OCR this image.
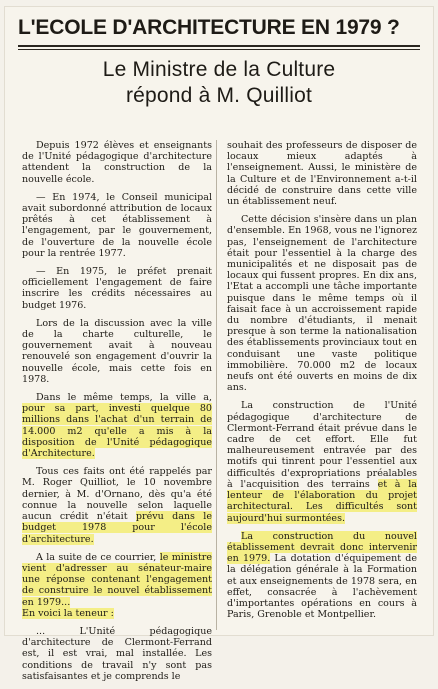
L'ECOLE D'ARCHITECTURE EN 1979 ?
Le Ministre de la Culture
répond à M. Quilliot

Depuis 1972 élèves et enseignants de l'Unité pédagogique d'architecture attendent la construction de la nouvelle école.

— En 1974, le Conseil municipal avait subordonné attribution de locaux prêtés à cet établissement à l'engagement, par le gouvernement, de l'ouverture de la nouvelle école pour la rentrée 1977.

— En 1975, le préfet prenait officiellement l'engagement de faire inscrire les crédits nécessaires au budget 1976.

Lors de la discussion avec la ville de la charte culturelle, le gouvernement avait à nouveau renouvelé son engagement d'ouvrir la nouvelle école, mais cette fois en 1978.

Dans le même temps, la ville a, pour sa part, investi quelque 80 millions dans l'achat d'un terrain de 14.000 m2 qu'elle a mis à la disposition de l'Unité pédagogique d'Architecture.

Tous ces faits ont été rappelés par M. Roger Quilliot, le 10 novembre dernier, à M. d'Ornano, dès qu'a été connue la nouvelle selon laquelle aucun crédit n'était prévu dans le budget 1978 pour l'école d'architecture.

A la suite de ce courrier, le ministre vient d'adresser au sénateur-maire une réponse contenant l'engagement de construire le nouvel établissement en 1979...
En voici la teneur :

... L'Unité pédagogique d'architecture de Clermont-Ferrand est, il est vrai, mal installée. Les conditions de travail n'y sont pas satisfaisantes et je comprends le

souhait des professeurs de disposer de locaux mieux adaptés à l'enseignement. Aussi, le ministère de la Culture et de l'Environnement a-t-il décidé de construire dans cette ville un établissement neuf.

Cette décision s'insère dans un plan d'ensemble. En 1968, vous ne l'ignorez pas, l'enseignement de l'architecture était pour l'essentiel à la charge des municipalités et ne disposait pas de locaux qui fussent propres. En dix ans, l'Etat a accompli une tâche importante puisque dans le même temps où il faisait face à un accroissement rapide du nombre d'étudiants, il menait presque à son terme la nationalisation des établissements provinciaux tout en conduisant une vaste politique immobilière. 70.000 m2 de locaux neufs ont été ouverts en moins de dix ans.

La construction de l'Unité pédagogique d'architecture de Clermont-Ferrand était prévue dans le cadre de cet effort. Elle fut malheureusement entravée par des motifs qui tinrent pour l'essentiel aux difficultés d'expropriations préalables à l'acquisition des terrains et à la lenteur de l'élaboration du projet architectural. Les difficultés sont aujourd'hui surmontées.

La construction du nouvel établissement devrait donc intervenir en 1979. La dotation d'équipement de la délégation générale à la Formation et aux enseignements de 1978 sera, en effet, consacrée à l'achèvement d'importantes opérations en cours à Paris, Grenoble et Montpellier.
